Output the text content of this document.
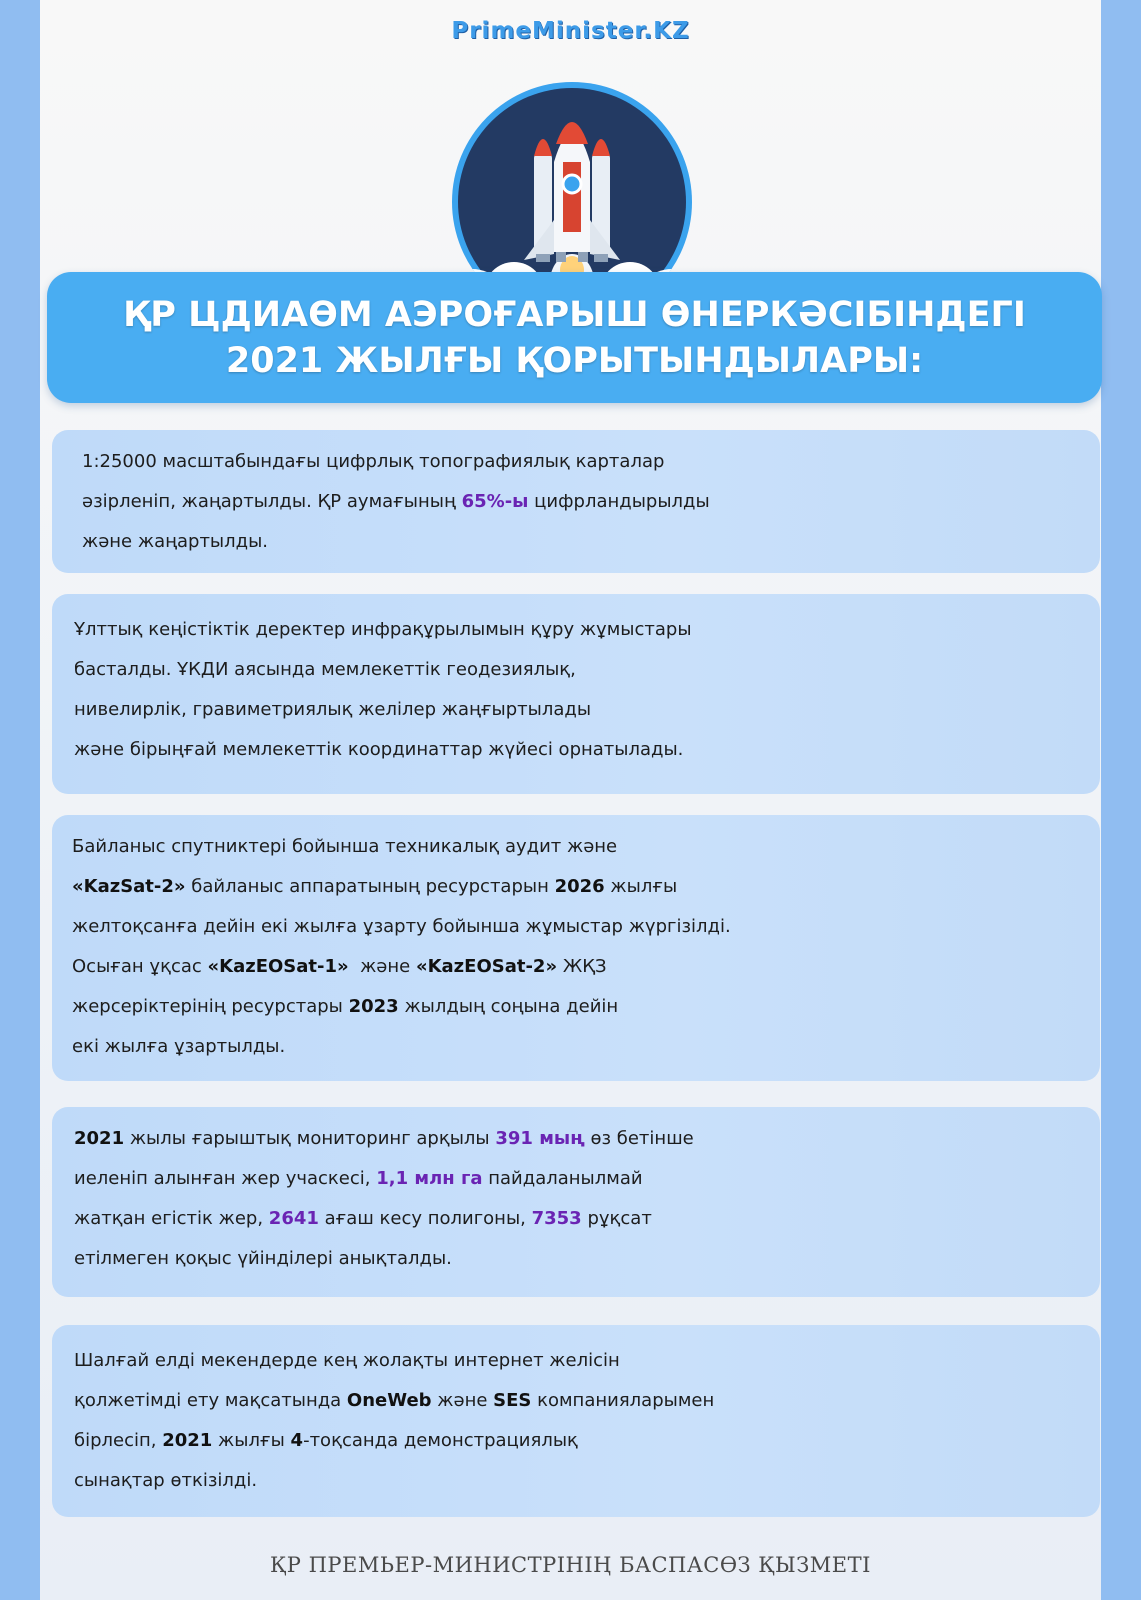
PrimeMinister.KZ
ҚР ЦДИАӨМ АЭРОҒАРЫШ ӨНЕРКӘСІБІНДЕГІ
2021 ЖЫЛҒЫ ҚОРЫТЫНДЫЛАРЫ:
1:25000 масштабындағы цифрлық топографиялық карталар
әзірленіп, жаңартылды. ҚР аумағының 65%-ы цифрландырылды
және жаңартылды.
Ұлттық кеңістіктік деректер инфрақұрылымын құру жұмыстары
басталды. ҰКДИ аясында мемлекеттік геодезиялық,
нивелирлік, гравиметриялық желілер жаңғыртылады
және бірыңғай мемлекеттік координаттар жүйесі орнатылады.
Байланыс спутниктері бойынша техникалық аудит және
«KazSat-2» байланыс аппаратының ресурстарын 2026 жылғы
желтоқсанға дейін екі жылға ұзарту бойынша жұмыстар жүргізілді.
Осыған ұқсас «KazEOSat-1»  және «KazEOSat-2» ЖҚЗ
жерсеріктерінің ресурстары 2023 жылдың соңына дейін
екі жылға ұзартылды.
2021 жылы ғарыштық мониторинг арқылы 391 мың өз бетінше
иеленіп алынған жер учаскесі, 1,1 млн га пайдаланылмай
жатқан егістік жер, 2641 ағаш кесу полигоны, 7353 рұқсат
етілмеген қоқыс үйінділері анықталды.
Шалғай елді мекендерде кең жолақты интернет желісін
қолжетімді ету мақсатында OneWeb және SES компанияларымен
бірлесіп, 2021 жылғы 4-тоқсанда демонстрациялық
сынақтар өткізілді.
ҚР ПРЕМЬЕР-МИНИСТРІНІҢ БАСПАСӨЗ ҚЫЗМЕТІ
